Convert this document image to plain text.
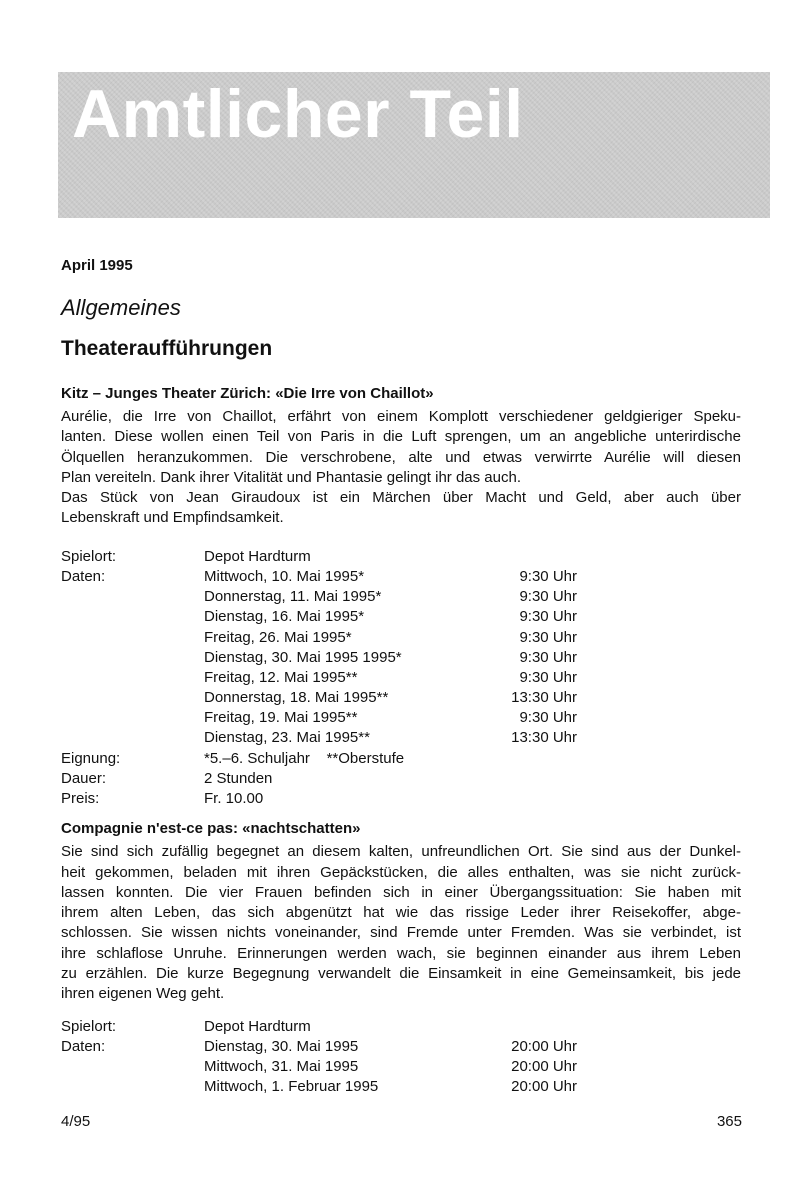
Amtlicher Teil
April 1995
Allgemeines
Theateraufführungen
Kitz – Junges Theater Zürich: «Die Irre von Chaillot»
Aurélie, die Irre von Chaillot, erfährt von einem Komplott verschiedener geldgieriger Speku-
lanten. Diese wollen einen Teil von Paris in die Luft sprengen, um an angebliche unterirdische
Ölquellen heranzukommen. Die verschrobene, alte und etwas verwirrte Aurélie will diesen
Plan vereiteln. Dank ihrer Vitalität und Phantasie gelingt ihr das auch.
Das Stück von Jean Giraudoux ist ein Märchen über Macht und Geld, aber auch über
Lebenskraft und Empfindsamkeit.
Spielort:	Depot Hardturm
Daten:	Mittwoch, 10. Mai 1995*	9:30 Uhr
Donnerstag, 11. Mai 1995*	9:30 Uhr
Dienstag, 16. Mai 1995*	9:30 Uhr
Freitag, 26. Mai 1995*	9:30 Uhr
Dienstag, 30. Mai 1995 1995*	9:30 Uhr
Freitag, 12. Mai 1995**	9:30 Uhr
Donnerstag, 18. Mai 1995**	13:30 Uhr
Freitag, 19. Mai 1995**	9:30 Uhr
Dienstag, 23. Mai 1995**	13:30 Uhr
Eignung:	*5.–6. Schuljahr    **Oberstufe
Dauer:	2 Stunden
Preis:	Fr. 10.00
Compagnie n'est-ce pas: «nachtschatten»
Sie sind sich zufällig begegnet an diesem kalten, unfreundlichen Ort. Sie sind aus der Dunkel-
heit gekommen, beladen mit ihren Gepäckstücken, die alles enthalten, was sie nicht zurück-
lassen konnten. Die vier Frauen befinden sich in einer Übergangssituation: Sie haben mit
ihrem alten Leben, das sich abgenützt hat wie das rissige Leder ihrer Reisekoffer, abge-
schlossen. Sie wissen nichts voneinander, sind Fremde unter Fremden. Was sie verbindet, ist
ihre schlaflose Unruhe. Erinnerungen werden wach, sie beginnen einander aus ihrem Leben
zu erzählen. Die kurze Begegnung verwandelt die Einsamkeit in eine Gemeinsamkeit, bis jede
ihren eigenen Weg geht.
Spielort:	Depot Hardturm
Daten:	Dienstag, 30. Mai 1995	20:00 Uhr
Mittwoch, 31. Mai 1995	20:00 Uhr
Mittwoch, 1. Februar 1995	20:00 Uhr
4/95	365
